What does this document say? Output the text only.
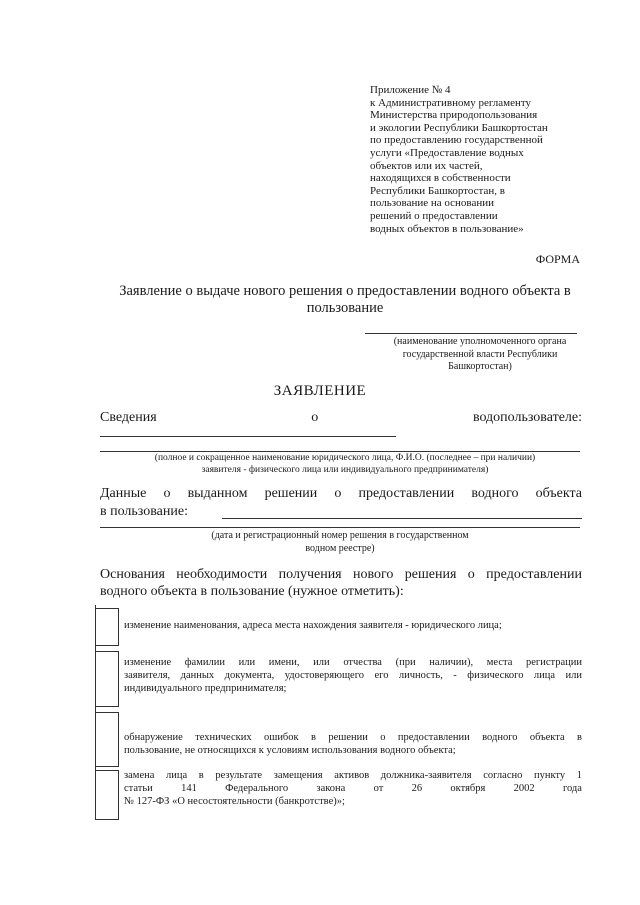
Приложение № 4
к Административному регламенту
Министерства природопользования
и экологии Республики Башкортостан
по предоставлению государственной
услуги «Предоставление водных
объектов или их частей,
находящихся в собственности
Республики Башкортостан, в
пользование на основании
решений о предоставлении
водных объектов в пользование»
ФОРМА
Заявление о выдаче нового решения о предоставлении водного объекта в
пользование
(наименование уполномоченного органа
государственной власти Республики
Башкортостан)
ЗАЯВЛЕНИЕ
Сведения	о	водопользователе:
(полное и сокращенное наименование юридического лица, Ф.И.О. (последнее – при наличии)
заявителя - физического лица или индивидуального предпринимателя)
Данные о выданном решении о предоставлении водного объекта
в пользование:
(дата и регистрационный номер решения в государственном
водном реестре)
Основания необходимости получения нового решения о предоставлении
водного объекта в пользование (нужное отметить):
изменение наименования, адреса места нахождения заявителя - юридического лица;
изменение фамилии или имени, или отчества (при наличии), места регистрации
заявителя, данных документа, удостоверяющего его личность, - физического лица или
индивидуального предпринимателя;
обнаружение технических ошибок в решении о предоставлении водного объекта в
пользование, не относящихся к условиям использования водного объекта;
замена лица в результате замещения активов должника-заявителя согласно пункту 1
статьи	141	Федерального	закона	от	26	октября	2002	года
№ 127-ФЗ «О несостоятельности (банкротстве)»;
